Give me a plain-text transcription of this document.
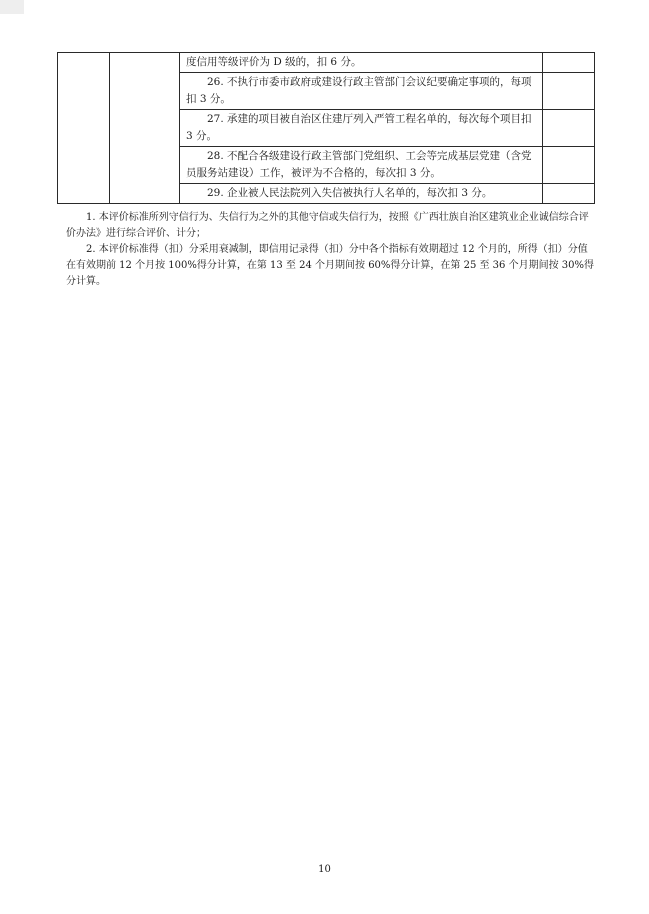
		度信用等级评价为 D 级的，扣 6 分。	

		26. 不执行市委市政府或建设行政主管部门会议纪要确定事项的，每项扣 3 分。	

		27. 承建的项目被自治区住建厅列入严管工程名单的，每次每个项目扣 3 分。	

		28. 不配合各级建设行政主管部门党组织、工会等完成基层党建（含党员服务站建设）工作，被评为不合格的，每次扣 3 分。	

		29. 企业被人民法院列入失信被执行人名单的，每次扣 3 分。	

1. 本评价标准所列守信行为、失信行为之外的其他守信或失信行为，按照《广西壮族自治区建筑业企业诚信综合评价办法》进行综合评价、计分；

2. 本评价标准得（扣）分采用衰减制，即信用记录得（扣）分中各个指标有效期超过 12 个月的，所得（扣）分值在有效期前 12 个月按 100%得分计算，在第 13 至 24 个月期间按 60%得分计算，在第 25 至 36 个月期间按 30%得分计算。

10
